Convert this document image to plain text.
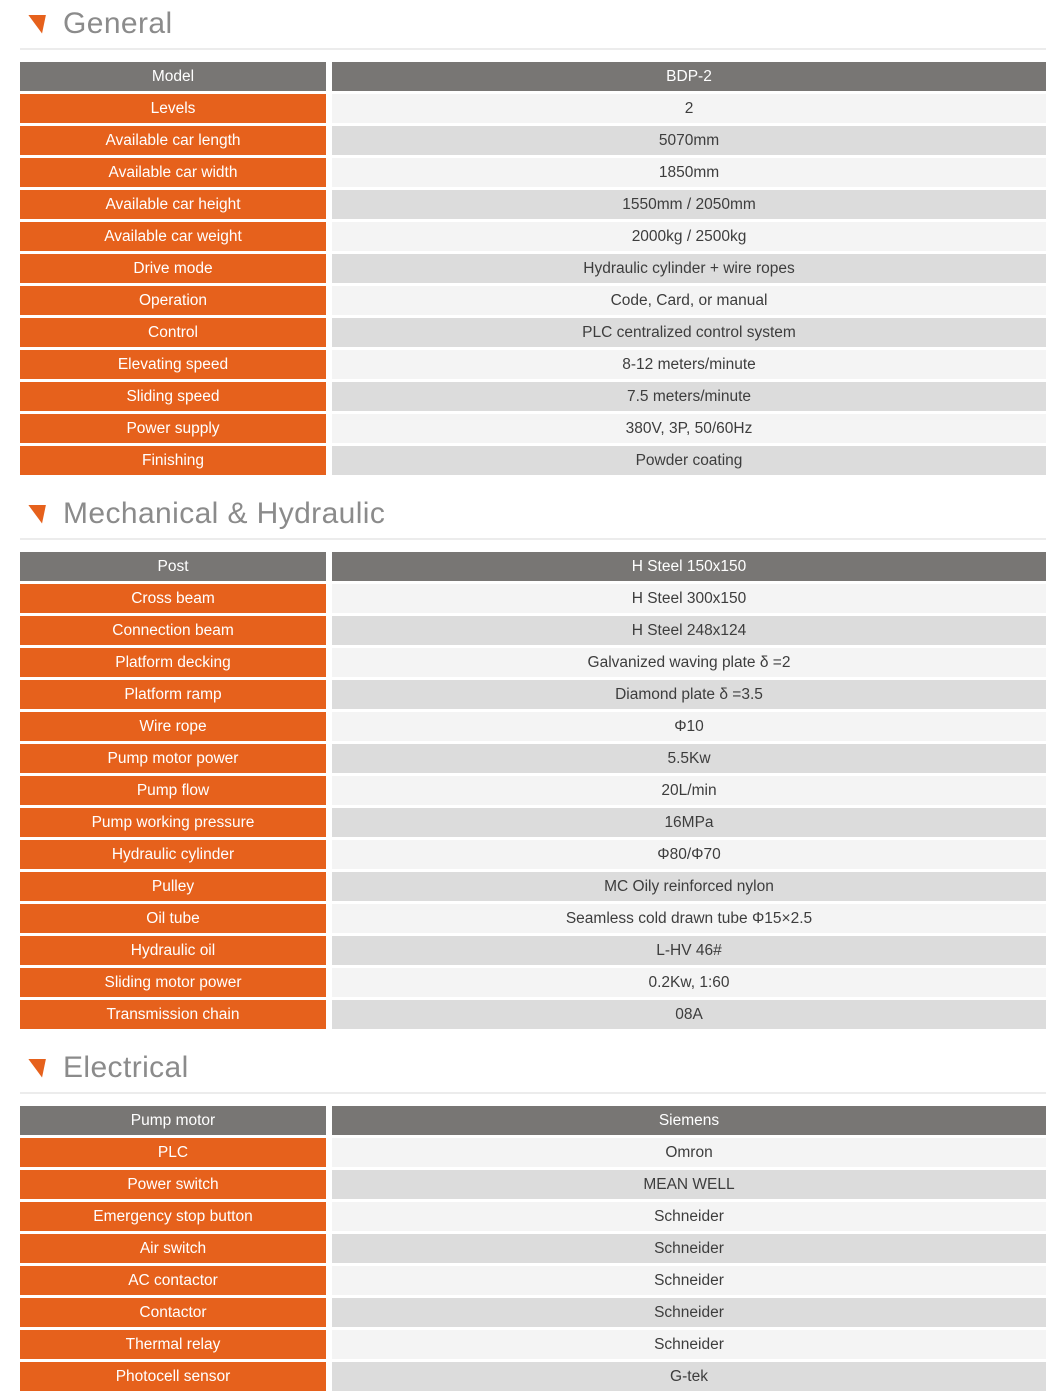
General
Model	BDP-2
Levels	2
Available car length	5070mm
Available car width	1850mm
Available car height	1550mm / 2050mm
Available car weight	2000kg / 2500kg
Drive mode	Hydraulic cylinder + wire ropes
Operation	Code, Card, or manual
Control	PLC centralized control system
Elevating speed	8-12 meters/minute
Sliding speed	7.5 meters/minute
Power supply	380V, 3P, 50/60Hz
Finishing	Powder coating
Mechanical & Hydraulic
Post	H Steel 150x150
Cross beam	H Steel 300x150
Connection beam	H Steel 248x124
Platform decking	Galvanized waving plate δ =2
Platform ramp	Diamond plate δ =3.5
Wire rope	Φ10
Pump motor power	5.5Kw
Pump flow	20L/min
Pump working pressure	16MPa
Hydraulic cylinder	Φ80/Φ70
Pulley	MC Oily reinforced nylon
Oil tube	Seamless cold drawn tube Φ15×2.5
Hydraulic oil	L-HV 46#
Sliding motor power	0.2Kw, 1:60
Transmission chain	08A
Electrical
Pump motor	Siemens
PLC	Omron
Power switch	MEAN WELL
Emergency stop button	Schneider
Air switch	Schneider
AC contactor	Schneider
Contactor	Schneider
Thermal relay	Schneider
Photocell sensor	G-tek
